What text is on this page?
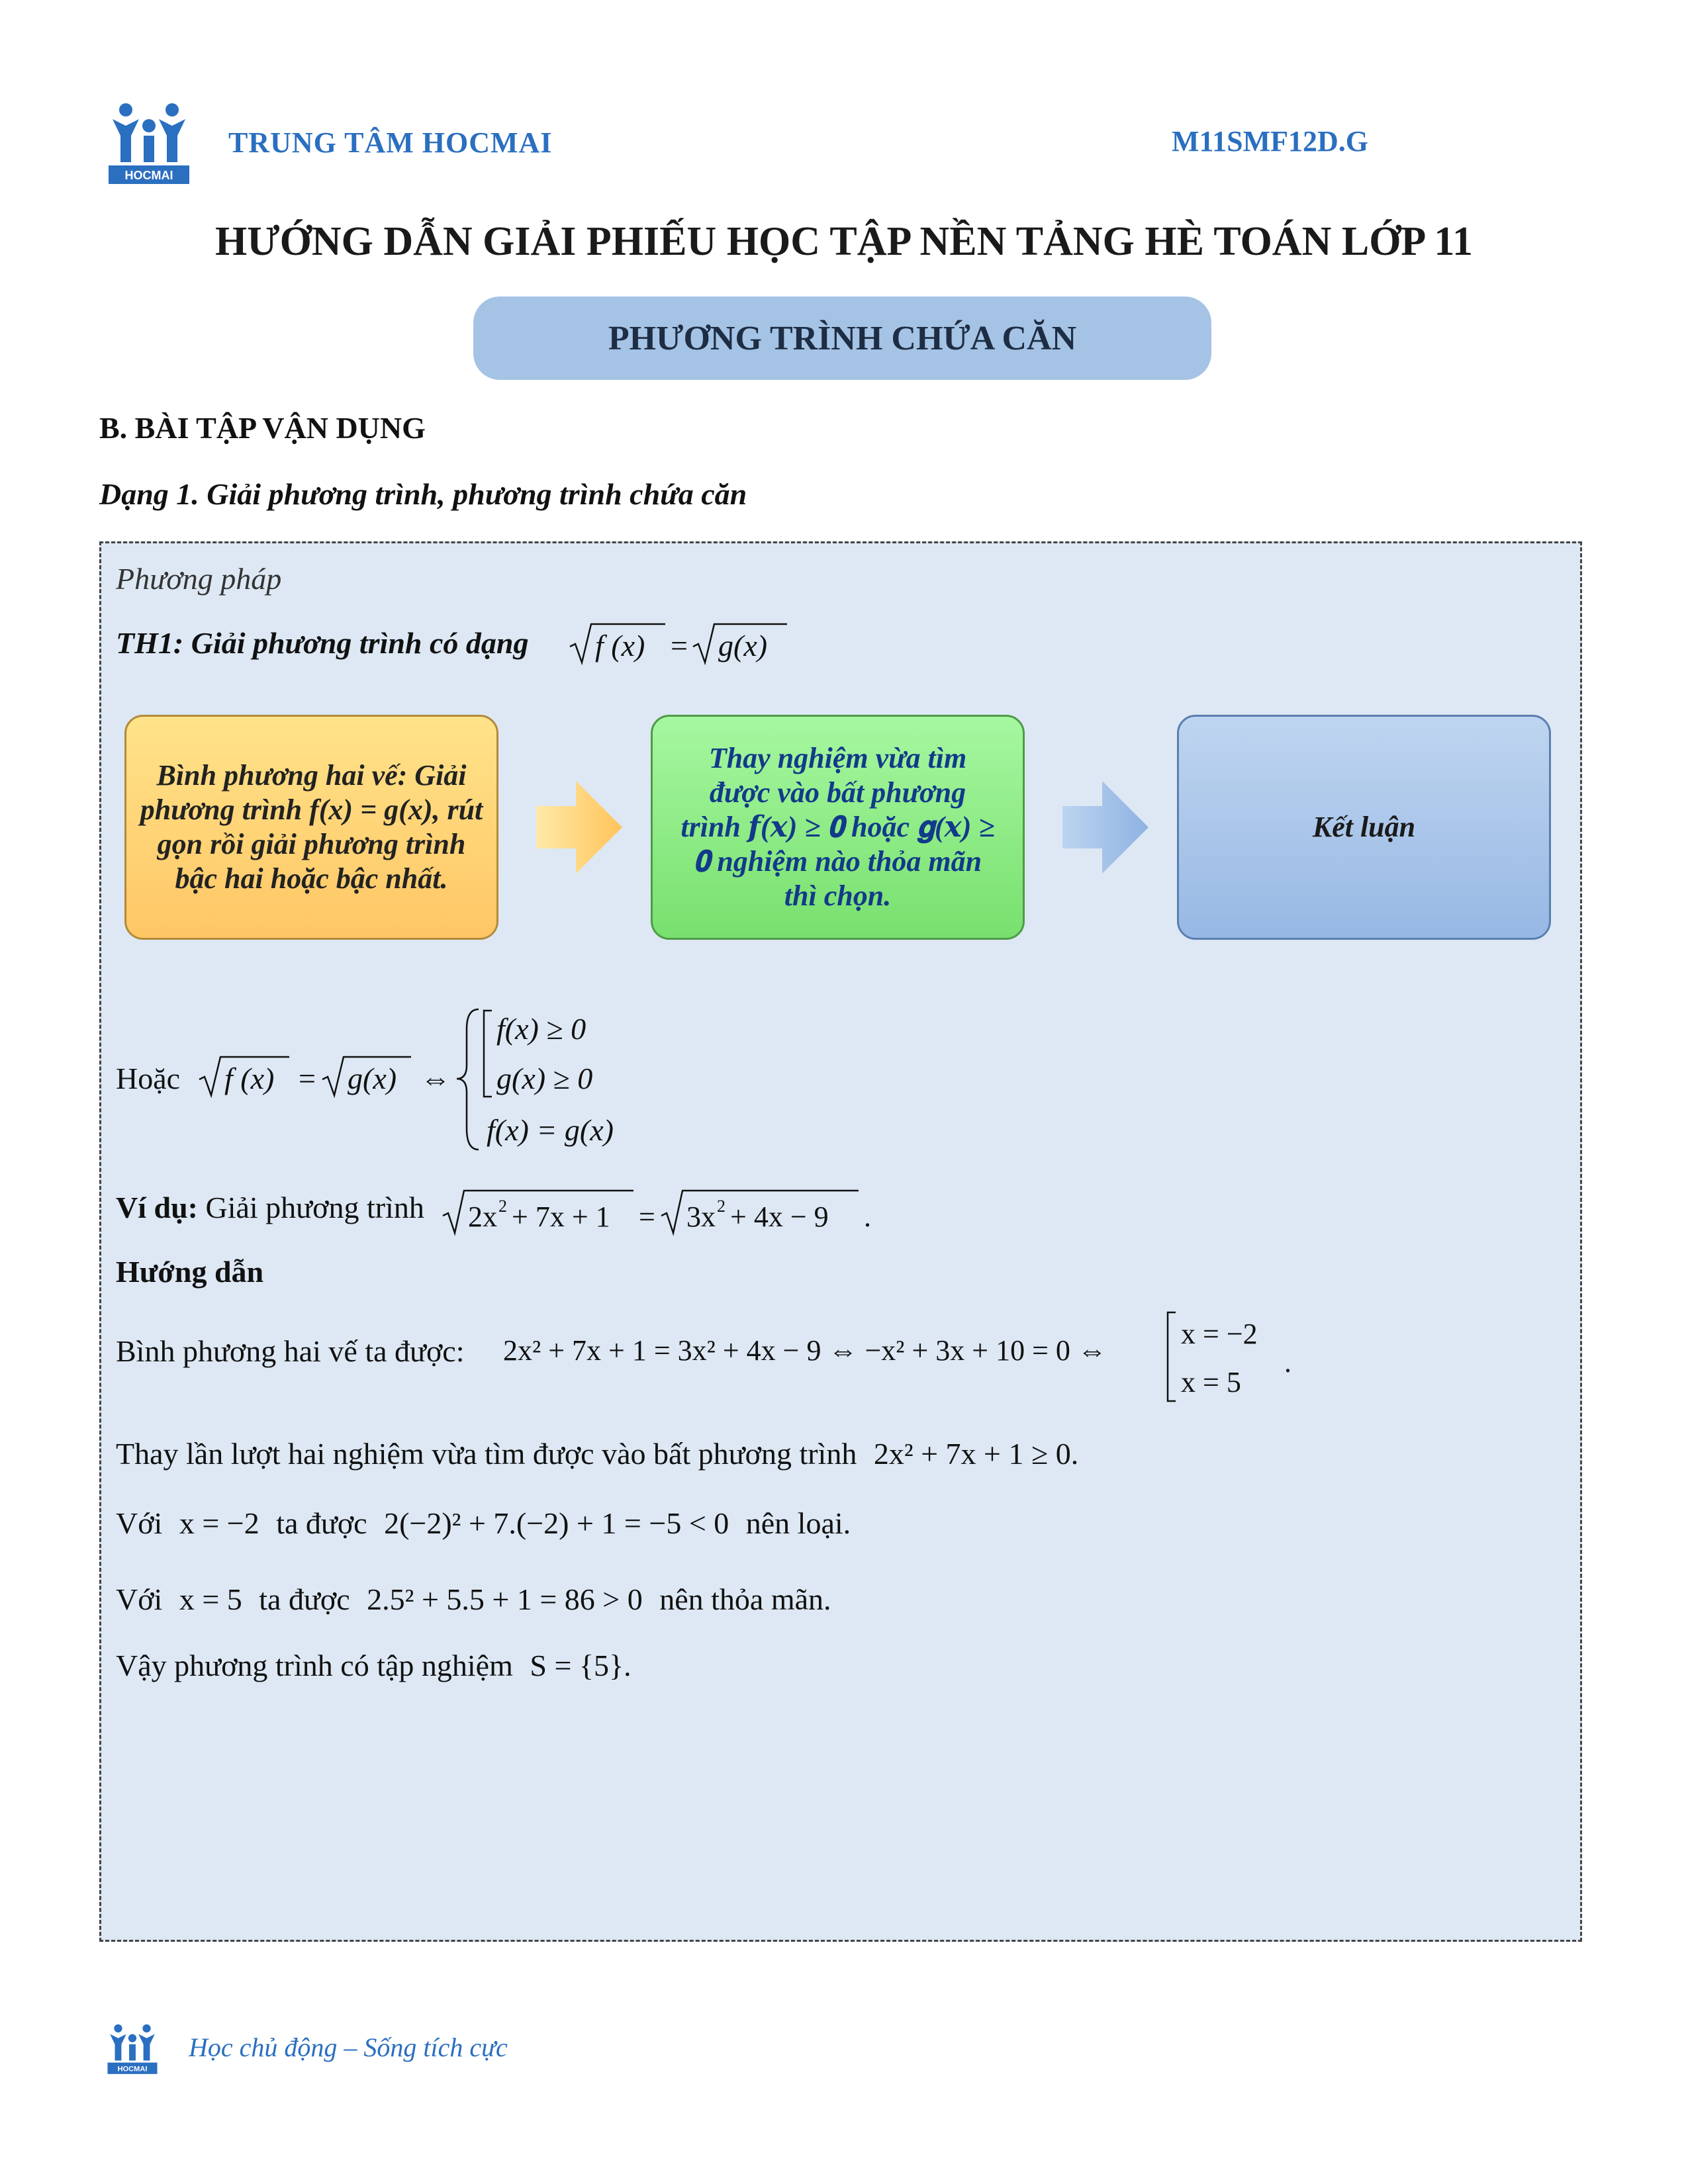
HOCMAI
TRUNG TÂM HOCMAI	M11SMF12D.G
HƯỚNG DẪN GIẢI PHIẾU HỌC TẬP NỀN TẢNG HÈ TOÁN LỚP 11
PHƯƠNG TRÌNH CHỨA CĂN
B. BÀI TẬP VẬN DỤNG
Dạng 1. Giải phương trình, phương trình chứa căn
Phương pháp
TH1: Giải phương trình có dạng f (x) = g(x)
Bình phương hai vế: Giải phương trình f(x) = g(x), rút gọn rồi giải phương trình bậc hai hoặc bậc nhất.
Thay nghiệm vừa tìm được vào bất phương trình 𝒇(𝒙) ≥ 𝟎 hoặc 𝐠(𝒙) ≥ 𝟎 nghiệm nào thỏa mãn thì chọn.
Kết luận
Hoặc f (x) = g(x) ⇔
f(x) ≥ 0
g(x) ≥ 0
f(x) = g(x)
Ví dụ: Giải phương trình 2x 2 + 7x + 1 = 3x 2 + 4x − 9 .
Hướng dẫn
Bình phương hai vế ta được: 2x² + 7x + 1 = 3x² + 4x − 9 ⇔ −x² + 3x + 10 = 0 ⇔
x = −2
x = 5
.
Thay lần lượt hai nghiệm vừa tìm được vào bất phương trình 2x² + 7x + 1 ≥ 0.
Với x = −2 ta được 2(−2)² + 7.(−2) + 1 = −5 < 0 nên loại.
Với x = 5 ta được 2.5² + 5.5 + 1 = 86 > 0 nên thỏa mãn.
Vậy phương trình có tập nghiệm S = {5}.
HOCMAI
Học chủ động – Sống tích cực
